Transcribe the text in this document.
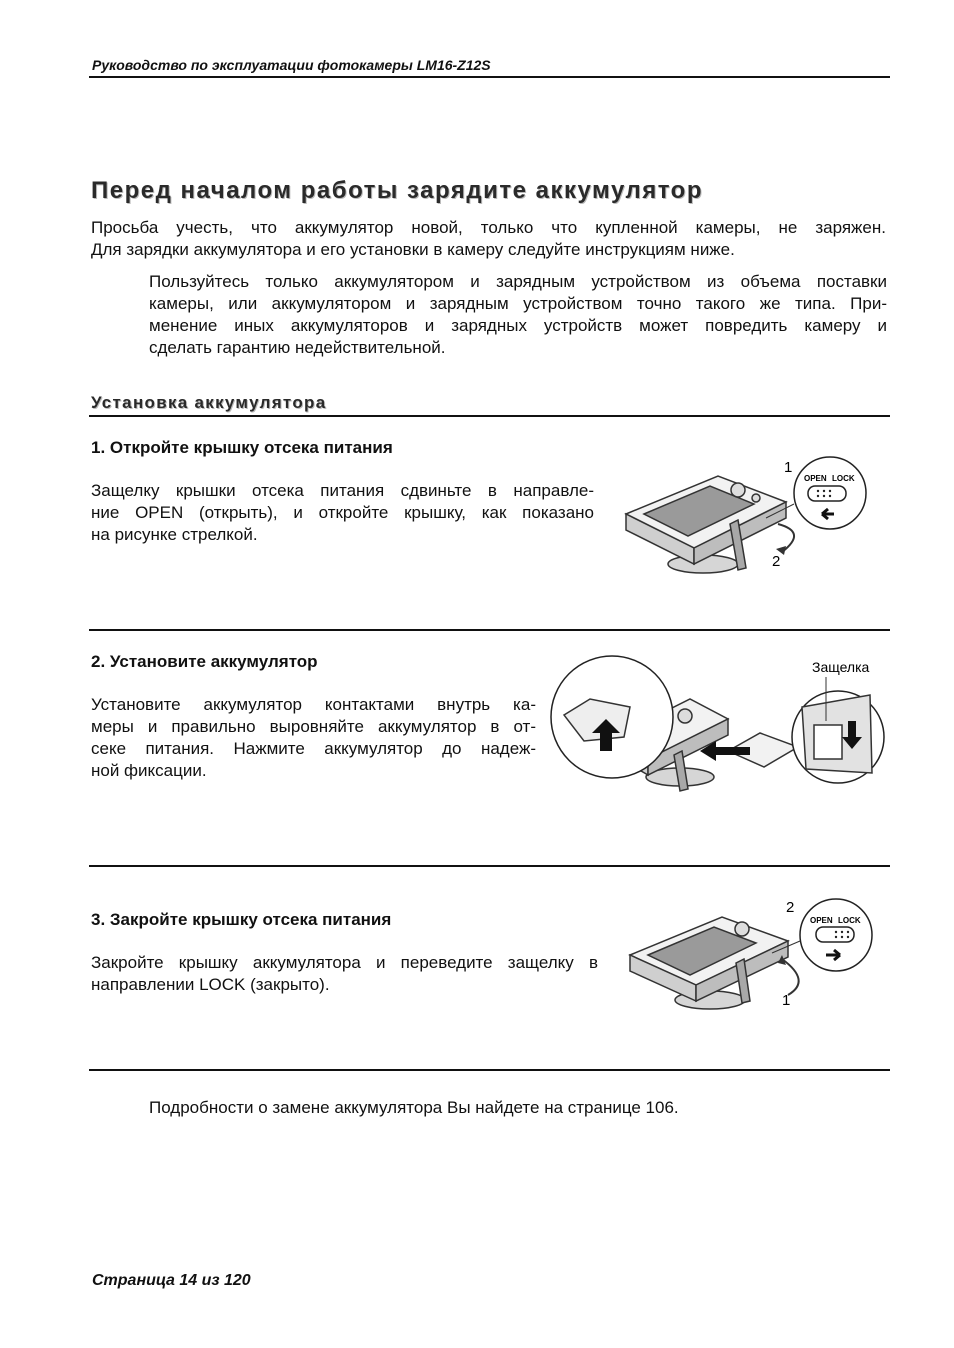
Руководство по эксплуатации фотокамеры LM16-Z12S
Перед началом работы зарядите аккумулятор
Просьба учесть, что аккумулятор новой, только что купленной камеры, не заряжен.
Для зарядки аккумулятора и его установки в камеру следуйте инструкциям ниже.
Пользуйтесь только аккумулятором и зарядным устройством из объема поставки
камеры, или аккумулятором и зарядным устройством точно такого же типа. При-
менение иных аккумуляторов и зарядных устройств может повредить камеру и
сделать гарантию недействительной.
Установка аккумулятора
1. Откройте крышку отсека питания
Защелку крышки отсека питания сдвиньте в направле-
ние OPEN (открыть), и откройте крышку, как показано
на рисунке стрелкой.
OPEN LOCK
1
2
2. Установите аккумулятор
Установите аккумулятор контактами внутрь ка-
меры и правильно выровняйте аккумулятор в от-
секе питания. Нажмите аккумулятор до надеж-
ной фиксации.
Защелка
3. Закройте крышку отсека питания
Закройте крышку аккумулятора и переведите защелку в
направлении LOCK (закрыто).
OPEN LOCK
2
1
Подробности о замене аккумулятора Вы найдете на странице 106.
Страница 14 из 120
